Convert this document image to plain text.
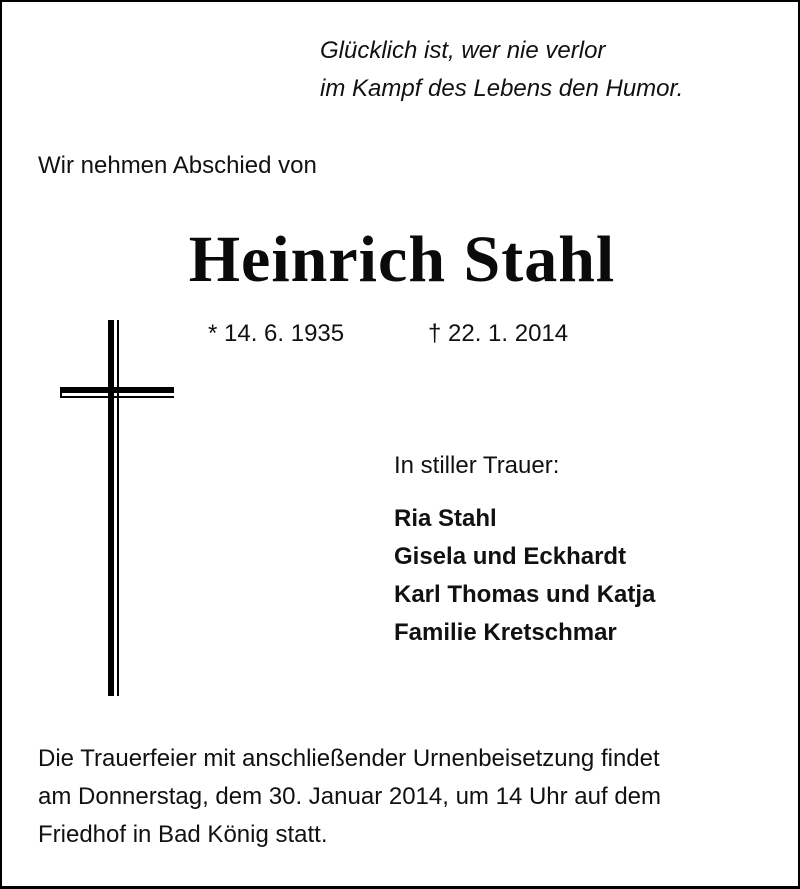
Glücklich ist, wer nie verlor
im Kampf des Lebens den Humor.
Wir nehmen Abschied von
Heinrich Stahl
* 14. 6. 1935	† 22. 1. 2014
In stiller Trauer:
Ria Stahl
Gisela und Eckhardt
Karl Thomas und Katja
Familie Kretschmar
Die Trauerfeier mit anschließender Urnenbeisetzung findet
am Donnerstag, dem 30. Januar 2014, um 14 Uhr auf dem
Friedhof in Bad König statt.
